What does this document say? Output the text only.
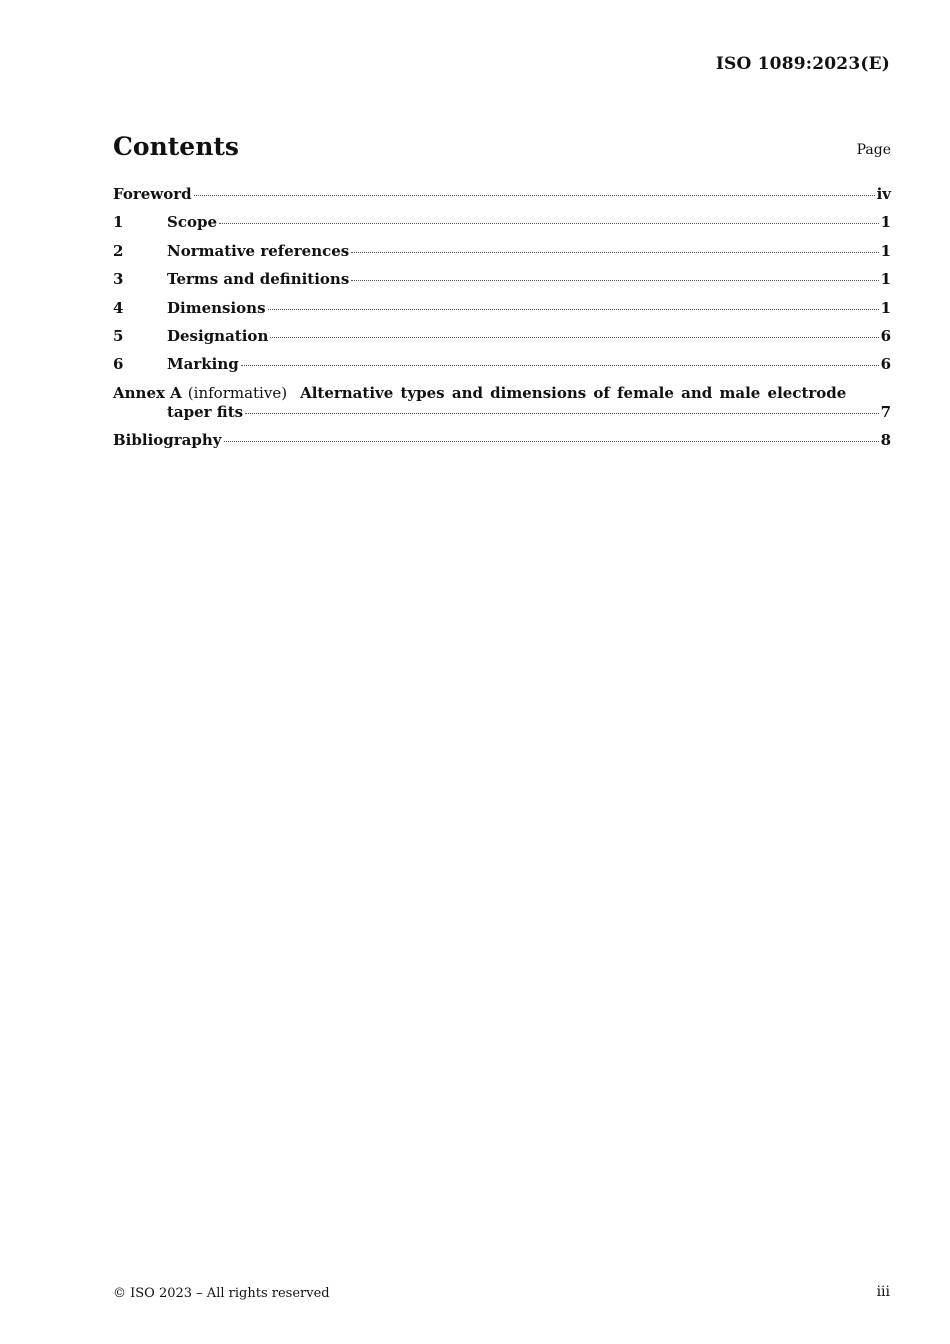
ISO 1089:2023(E)
Contents	Page
Foreword	iv
1	Scope	1
2	Normative references	1
3	Terms and definitions	1
4	Dimensions	1
5	Designation	6
6	Marking	6
Annex A (informative) Alternative types and dimensions of female and male electrode
taper fits	7
Bibliography	8
© ISO 2023 – All rights reserved	iii
